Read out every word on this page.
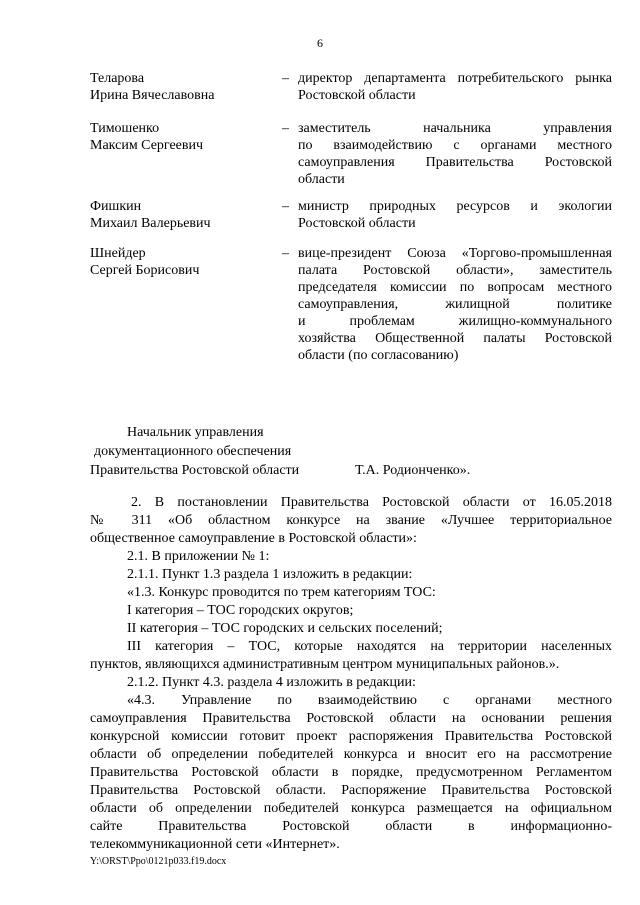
6
Теларова
Ирина Вячеславовна
– директор департамента потребительского рынка
Ростовской области
Тимошенко
Максим Сергеевич
– заместитель начальника управления
по взаимодействию с органами местного
самоуправления Правительства Ростовской
области
Фишкин
Михаил Валерьевич
– министр природных ресурсов и экологии
Ростовской области
Шнейдер
Сергей Борисович
– вице-президент Союза «Торгово-промышленная
палата Ростовской области», заместитель
председателя комиссии по вопросам местного
самоуправления, жилищной политике
и проблемам жилищно-коммунального
хозяйства Общественной палаты Ростовской
области (по согласованию)
Начальник управления
документационного обеспечения
Правительства Ростовской области	Т.А. Родионченко».
2. В постановлении Правительства Ростовской области от 16.05.2018
№ 311 «Об областном конкурсе на звание «Лучшее территориальное
общественное самоуправление в Ростовской области»:
2.1. В приложении № 1:
2.1.1. Пункт 1.3 раздела 1 изложить в редакции:
«1.3. Конкурс проводится по трем категориям ТОС:
I категория – ТОС городских округов;
II категория – ТОС городских и сельских поселений;
III категория – ТОС, которые находятся на территории населенных
пунктов, являющихся административным центром муниципальных районов.».
2.1.2. Пункт 4.3. раздела 4 изложить в редакции:
«4.3. Управление по взаимодействию с органами местного
самоуправления Правительства Ростовской области на основании решения
конкурсной комиссии готовит проект распоряжения Правительства Ростовской
области об определении победителей конкурса и вносит его на рассмотрение
Правительства Ростовской области в порядке, предусмотренном Регламентом
Правительства Ростовской области. Распоряжение Правительства Ростовской
области об определении победителей конкурса размещается на официальном
сайте Правительства Ростовской области в информационно-
телекоммуникационной сети «Интернет».
Y:\ORST\Ppo\0121p033.f19.docx
